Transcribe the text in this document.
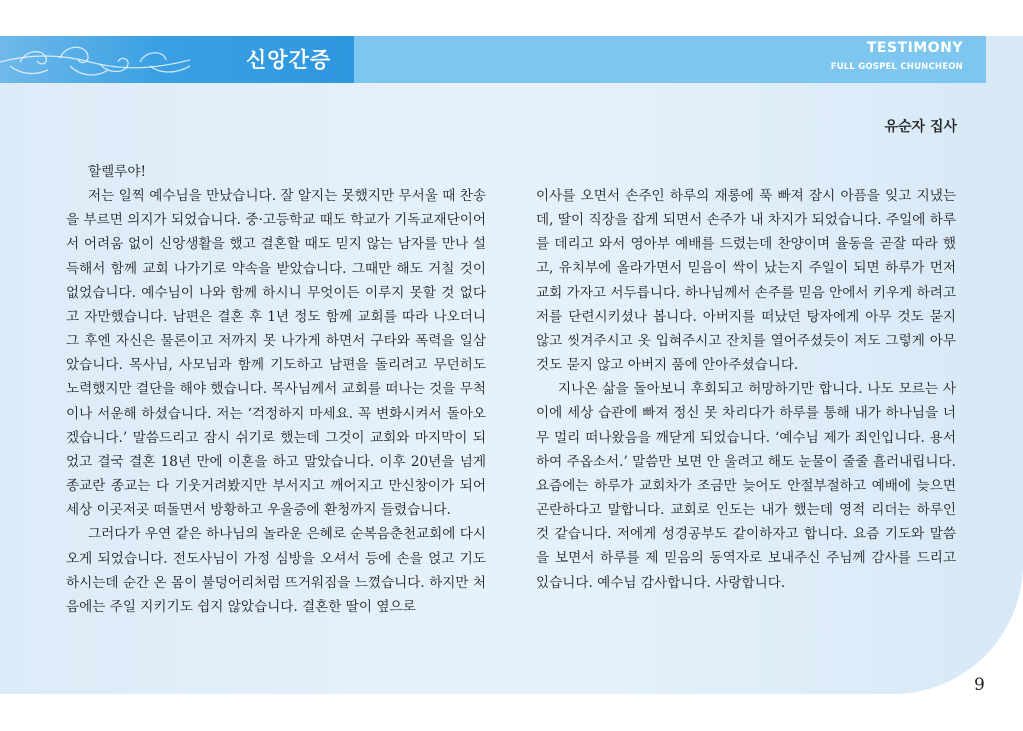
신앙간증	TESTIMONY
FULL GOSPEL CHUNCHEON
유순자 집사

할렐루야!

저는 일찍 예수님을 만났습니다. 잘 알지는 못했지만 무서울 때 찬송을 부르면 의지가 되었습니다. 중·고등학교 때도 학교가 기독교재단이어서 어려움 없이 신앙생활을 했고 결혼할 때도 믿지 않는 남자를 만나 설득해서 함께 교회 나가기로 약속을 받았습니다. 그때만 해도 거칠 것이 없었습니다. 예수님이 나와 함께 하시니 무엇이든 이루지 못할 것 없다고 자만했습니다. 남편은 결혼 후 1년 정도 함께 교회를 따라 나오더니 그 후엔 자신은 물론이고 저까지 못 나가게 하면서 구타와 폭력을 일삼았습니다. 목사님, 사모님과 함께 기도하고 남편을 돌리려고 무던히도 노력했지만 결단을 해야 했습니다. 목사님께서 교회를 떠나는 것을 무척이나 서운해 하셨습니다. 저는 ‘걱정하지 마세요. 꼭 변화시켜서 돌아오겠습니다.’ 말씀드리고 잠시 쉬기로 했는데 그것이 교회와 마지막이 되었고 결국 결혼 18년 만에 이혼을 하고 말았습니다. 이후 20년을 넘게 종교란 종교는 다 기웃거려봤지만 부서지고 깨어지고 만신창이가 되어 세상 이곳저곳 떠돌면서 방황하고 우울증에 환청까지 들렸습니다.

그러다가 우연 같은 하나님의 놀라운 은혜로 순복음춘천교회에 다시 오게 되었습니다. 전도사님이 가정 심방을 오셔서 등에 손을 얹고 기도하시는데 순간 온 몸이 불덩어리처럼 뜨거워짐을 느꼈습니다. 하지만 처음에는 주일 지키기도 쉽지 않았습니다. 결혼한 딸이 옆으로

이사를 오면서 손주인 하루의 재롱에 푹 빠져 잠시 아픔을 잊고 지냈는데, 딸이 직장을 잡게 되면서 손주가 내 차지가 되었습니다. 주일에 하루를 데리고 와서 영아부 예배를 드렸는데 찬양이며 율동을 곧잘 따라 했고, 유치부에 올라가면서 믿음이 싹이 났는지 주일이 되면 하루가 먼저 교회 가자고 서두릅니다. 하나님께서 손주를 믿음 안에서 키우게 하려고 저를 단련시키셨나 봅니다. 아버지를 떠났던 탕자에게 아무 것도 묻지 않고 씻겨주시고 옷 입혀주시고 잔치를 열어주셨듯이 저도 그렇게 아무 것도 묻지 않고 아버지 품에 안아주셨습니다.

지나온 삶을 돌아보니 후회되고 허망하기만 합니다. 나도 모르는 사이에 세상 습관에 빠져 정신 못 차리다가 하루를 통해 내가 하나님을 너무 멀리 떠나왔음을 깨닫게 되었습니다. ‘예수님 제가 죄인입니다. 용서하여 주옵소서.’ 말씀만 보면 안 울려고 해도 눈물이 줄줄 흘러내립니다. 요즘에는 하루가 교회차가 조금만 늦어도 안절부절하고 예배에 늦으면 곤란하다고 말합니다. 교회로 인도는 내가 했는데 영적 리더는 하루인 것 같습니다. 저에게 성경공부도 같이하자고 합니다. 요즘 기도와 말씀을 보면서 하루를 제 믿음의 동역자로 보내주신 주님께 감사를 드리고 있습니다. 예수님 감사합니다. 사랑합니다.

9
